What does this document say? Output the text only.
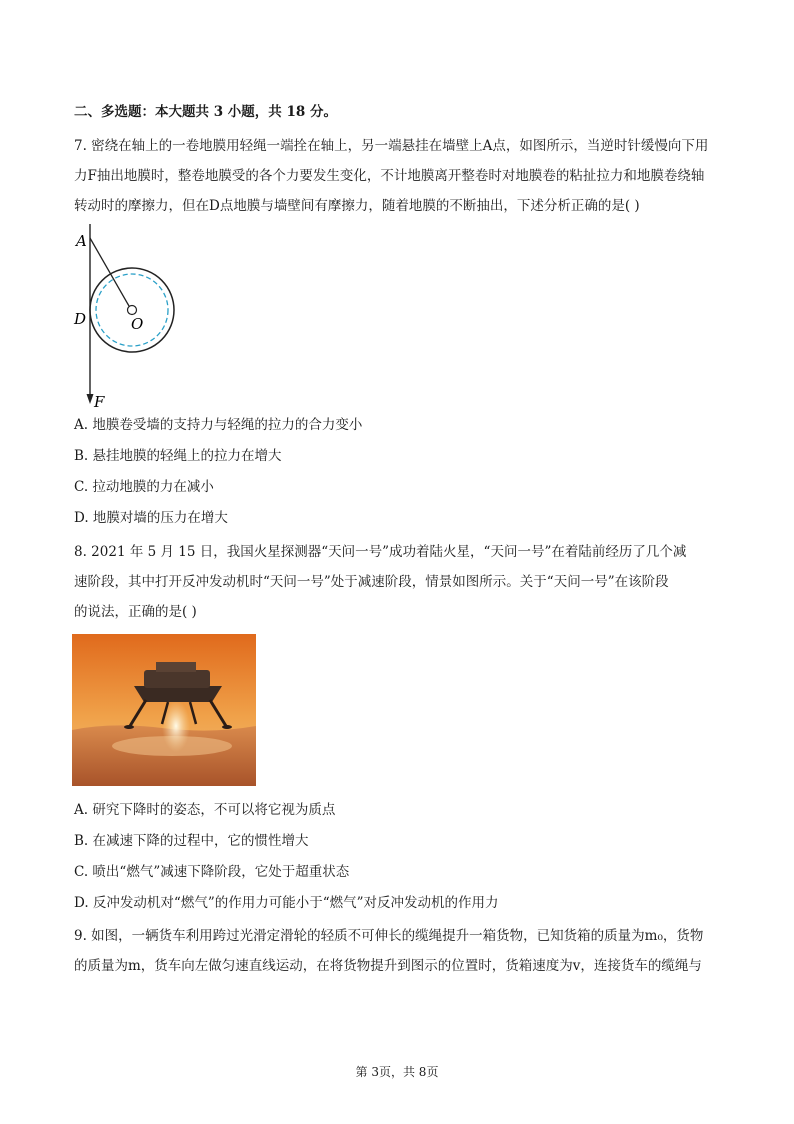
二、多选题：本大题共 3 小题，共 18 分。
7. 密绕在轴上的一卷地膜用轻绳一端拴在轴上，另一端悬挂在墙壁上A点，如图所示，当逆时针缓慢向下用
力F抽出地膜时，整卷地膜受的各个力要发生变化，不计地膜离开整卷时对地膜卷的粘扯拉力和地膜卷绕轴
转动时的摩擦力，但在D点地膜与墙壁间有摩擦力，随着地膜的不断抽出，下述分析正确的是( )
A
D	O
F
A. 地膜卷受墙的支持力与轻绳的拉力的合力变小
B. 悬挂地膜的轻绳上的拉力在增大
C. 拉动地膜的力在减小
D. 地膜对墙的压力在增大
8. 2021 年 5 月 15 日，我国火星探测器“天问一号”成功着陆火星，“天问一号”在着陆前经历了几个减
速阶段，其中打开反冲发动机时“天问一号”处于减速阶段，情景如图所示。关于“天问一号”在该阶段
的说法，正确的是( )
A. 研究下降时的姿态，不可以将它视为质点
B. 在减速下降的过程中，它的惯性增大
C. 喷出“燃气”减速下降阶段，它处于超重状态
D. 反冲发动机对“燃气”的作用力可能小于“燃气”对反冲发动机的作用力
9. 如图，一辆货车利用跨过光滑定滑轮的轻质不可伸长的缆绳提升一箱货物，已知货箱的质量为m₀，货物
的质量为m，货车向左做匀速直线运动，在将货物提升到图示的位置时，货箱速度为v，连接货车的缆绳与
第 3页，共 8页
